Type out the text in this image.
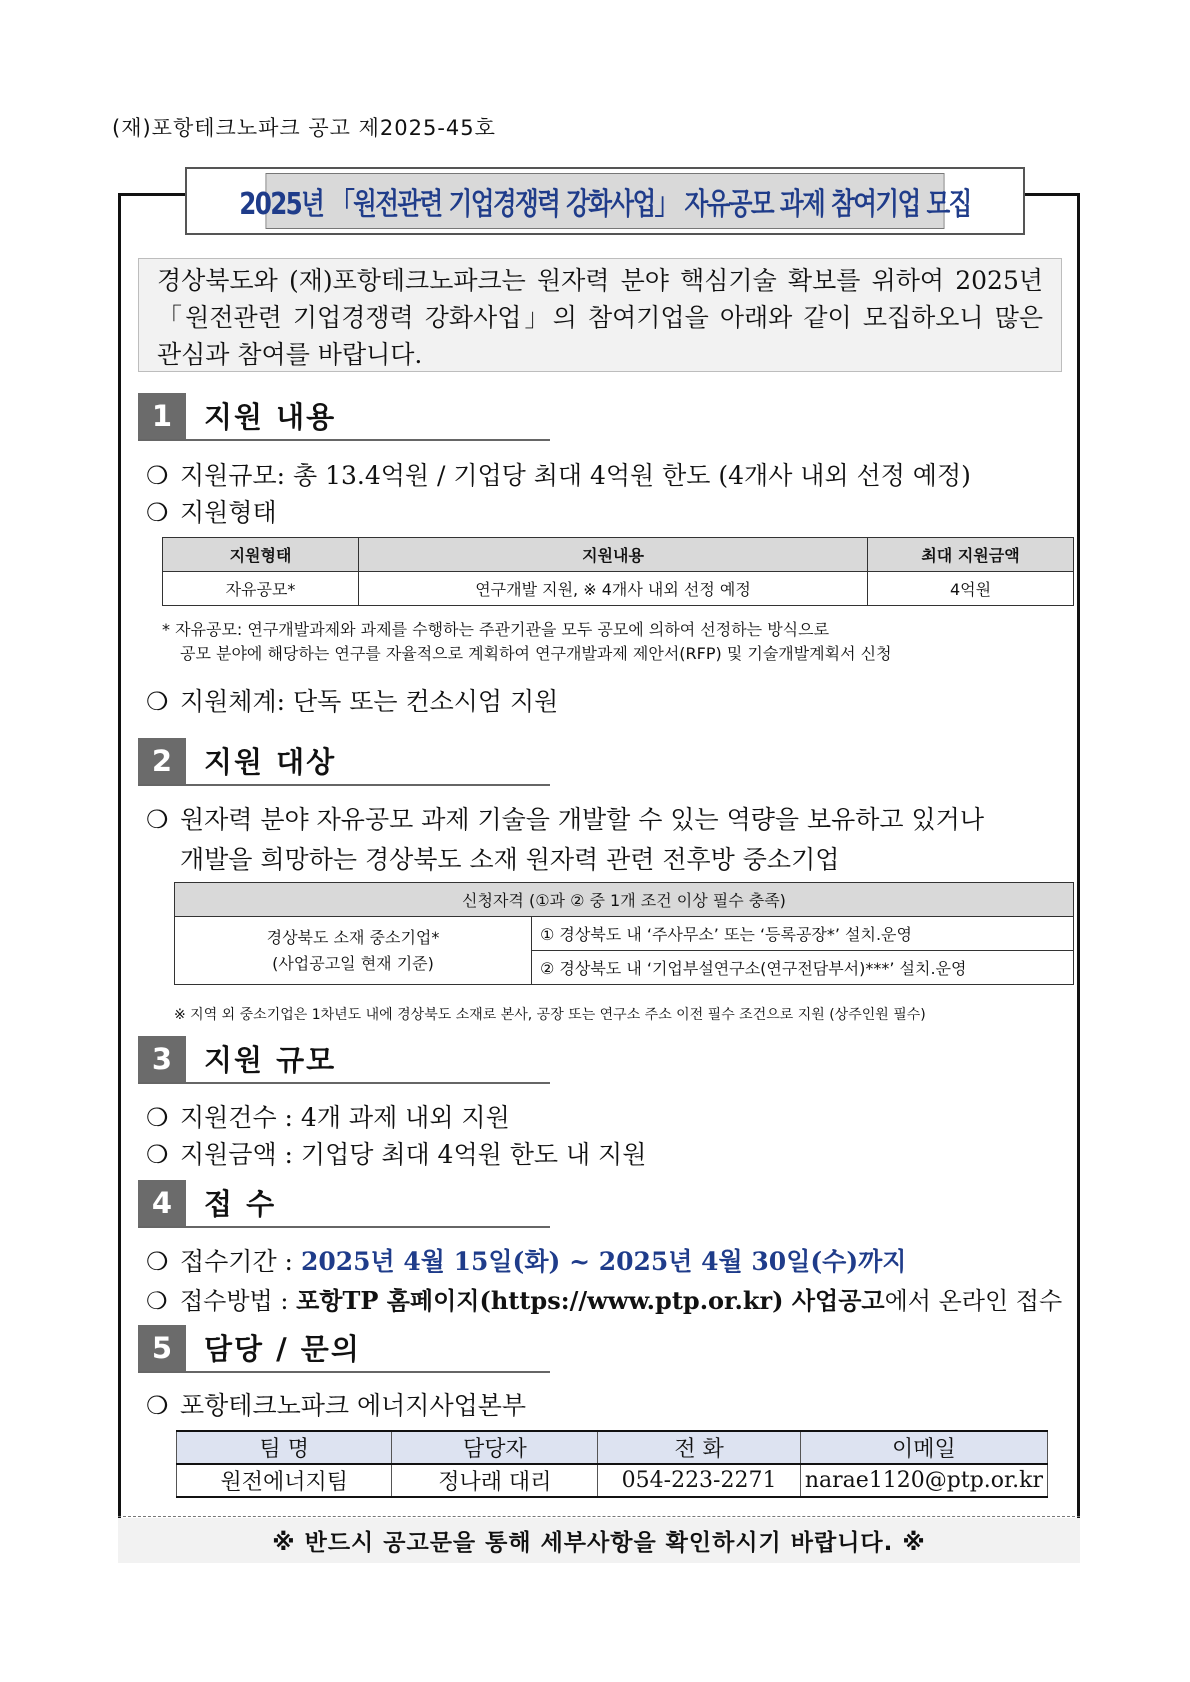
(재)포항테크노파크 공고 제2025-45호
2025년 「원전관련 기업경쟁력 강화사업」 자유공모 과제 참여기업 모집
경상북도와 (재)포항테크노파크는 원자력 분야 핵심기술 확보를 위하여 2025년「원전관련 기업경쟁력 강화사업」의 참여기업을 아래와 같이 모집하오니 많은 관심과 참여를 바랍니다.
1	지원 내용
❍ 지원규모: 총 13.4억원 / 기업당 최대 4억원 한도 (4개사 내외 선정 예정)
❍ 지원형태
지원형태	지원내용	최대 지원금액
자유공모*	연구개발 지원, ※ 4개사 내외 선정 예정	4억원
* 자유공모: 연구개발과제와 과제를 수행하는 주관기관을 모두 공모에 의하여 선정하는 방식으로
공모 분야에 해당하는 연구를 자율적으로 계획하여 연구개발과제 제안서(RFP) 및 기술개발계획서 신청
❍ 지원체계: 단독 또는 컨소시엄 지원
2	지원 대상
❍ 원자력 분야 자유공모 과제 기술을 개발할 수 있는 역량을 보유하고 있거나
개발을 희망하는 경상북도 소재 원자력 관련 전후방 중소기업
신청자격 (①과 ② 중 1개 조건 이상 필수 충족)

경상북도 소재 중소기업*
(사업공고일 현재 기준)
	① 경상북도 내 ‘주사무소’ 또는 ‘등록공장*’ 설치.운영
② 경상북도 내 ‘기업부설연구소(연구전담부서)***’ 설치.운영
※ 지역 외 중소기업은 1차년도 내에 경상북도 소재로 본사, 공장 또는 연구소 주소 이전 필수 조건으로 지원 (상주인원 필수)
3	지원 규모
❍ 지원건수 : 4개 과제 내외 지원
❍ 지원금액 : 기업당 최대 4억원 한도 내 지원
4	접 수
❍ 접수기간 : 2025년 4월 15일(화) ~ 2025년 4월 30일(수)까지
❍ 접수방법 : 포항TP 홈페이지(https://www.ptp.or.kr) 사업공고에서 온라인 접수
5	담당 / 문의
❍ 포항테크노파크 에너지사업본부
팀 명	담당자	전 화	이메일
원전에너지팀	정나래 대리	054-223-2271	narae1120@ptp.or.kr
※ 반드시 공고문을 통해 세부사항을 확인하시기 바랍니다. ※
